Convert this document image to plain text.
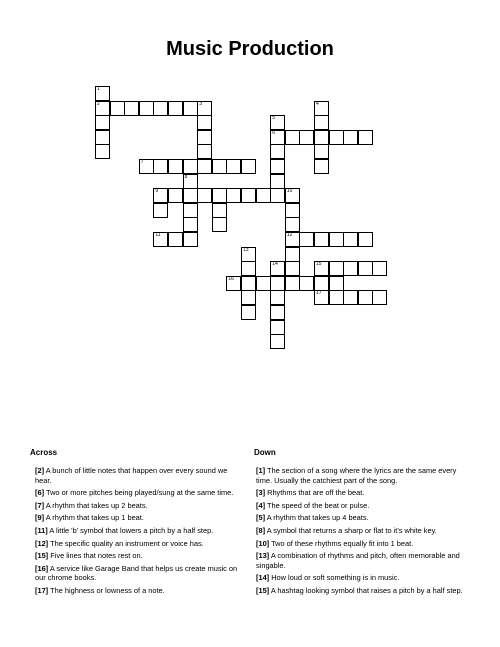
Music Production
1
2	3	4
5
6
7
8
9	10
11	12
13
14	15
16
17
Across	Down
[2] A bunch of little notes that happen over every sound we hear.
[6] Two or more pitches being played/sung at the same time.
[7] A rhythm that takes up 2 beats.
[9] A rhythm that takes up 1 beat.
[11] A little 'b' symbol that lowers a pitch by a half step.
[12] The specific quality an instrument or voice has.
[15] Five lines that notes rest on.
[16] A service like Garage Band that helps us create music on our chrome books.
[17] The highness or lowness of a note.
[1] The section of a song where the lyrics are the same every time. Usually the catchiest part of the song.
[3] Rhythms that are off the beat.
[4] The speed of the beat or pulse.
[5] A rhythm that takes up 4 beats.
[8] A symbol that returns a sharp or flat to it's white key.
[10] Two of these rhythms equally fit into 1 beat.
[13] A combination of rhythms and pitch, often memorable and singable.
[14] How loud or soft something is in music.
[15] A hashtag looking symbol that raises a pitch by a half step.
